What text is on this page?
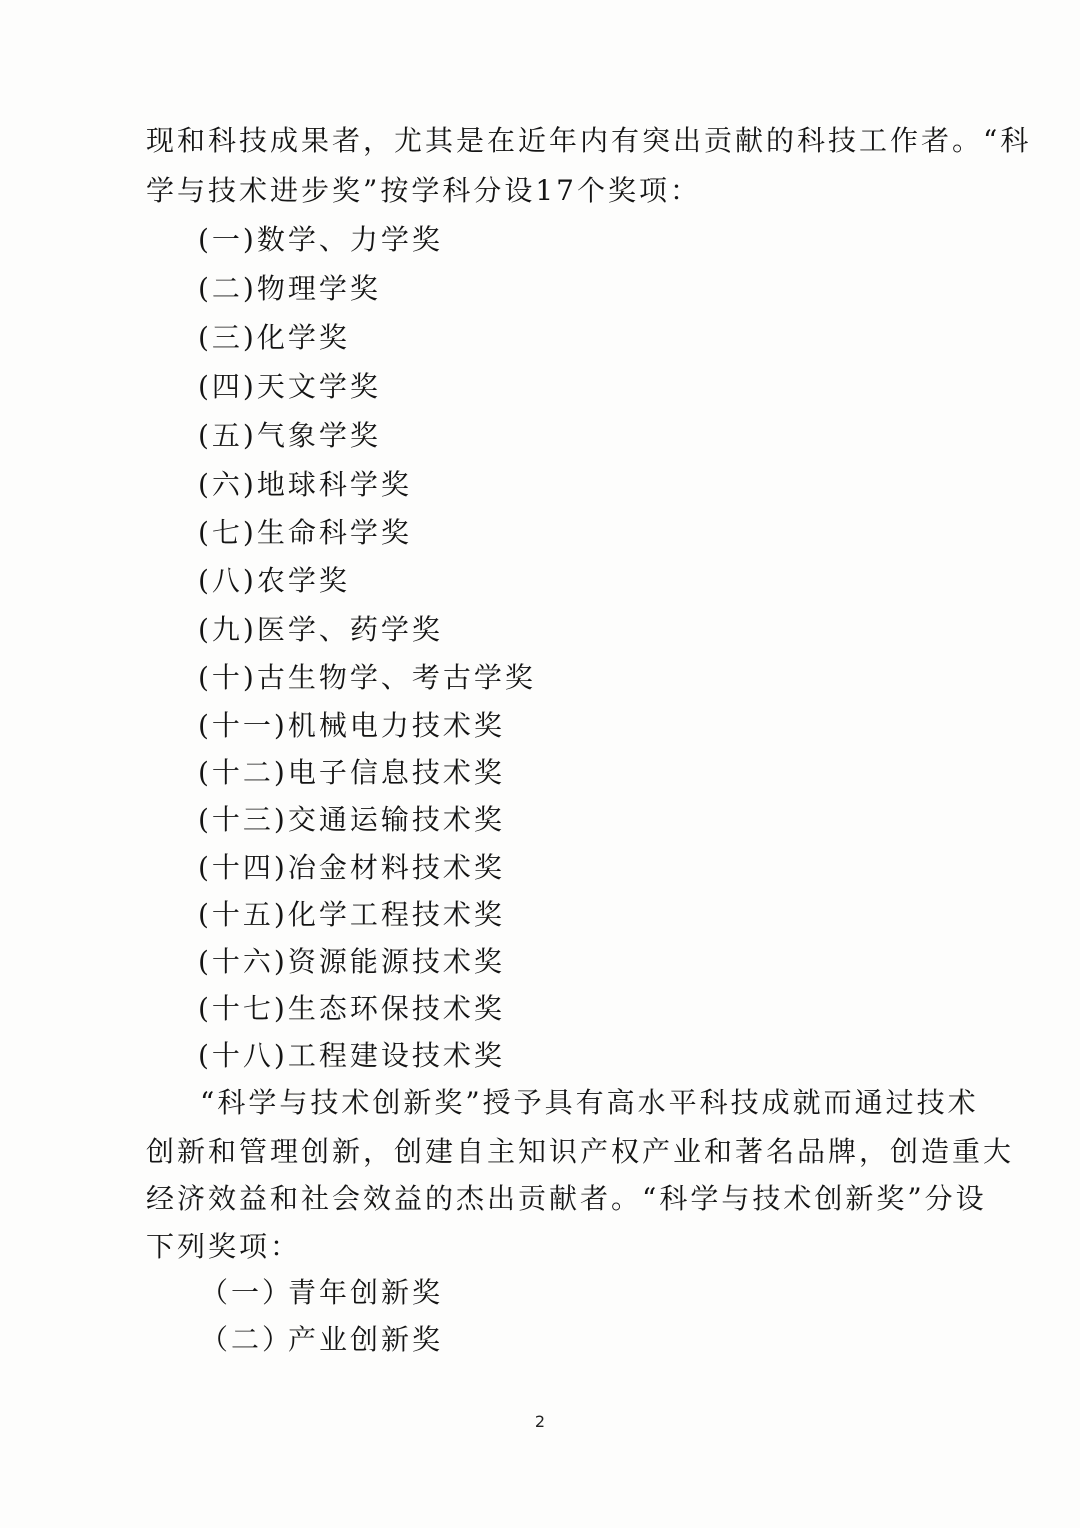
现和科技成果者，尤其是在近年内有突出贡献的科技工作者。“科

学与技术进步奖”按学科分设17个奖项：

(一)数学、力学奖

(二)物理学奖

(三)化学奖

(四)天文学奖

(五)气象学奖

(六)地球科学奖

(七)生命科学奖

(八)农学奖

(九)医学、药学奖

(十)古生物学、考古学奖

(十一)机械电力技术奖

(十二)电子信息技术奖

(十三)交通运输技术奖

(十四)冶金材料技术奖

(十五)化学工程技术奖

(十六)资源能源技术奖

(十七)生态环保技术奖

(十八)工程建设技术奖

“科学与技术创新奖”授予具有高水平科技成就而通过技术

创新和管理创新，创建自主知识产权产业和著名品牌，创造重大

经济效益和社会效益的杰出贡献者。“科学与技术创新奖”分设

下列奖项：

（一）青年创新奖

（二）产业创新奖

2
